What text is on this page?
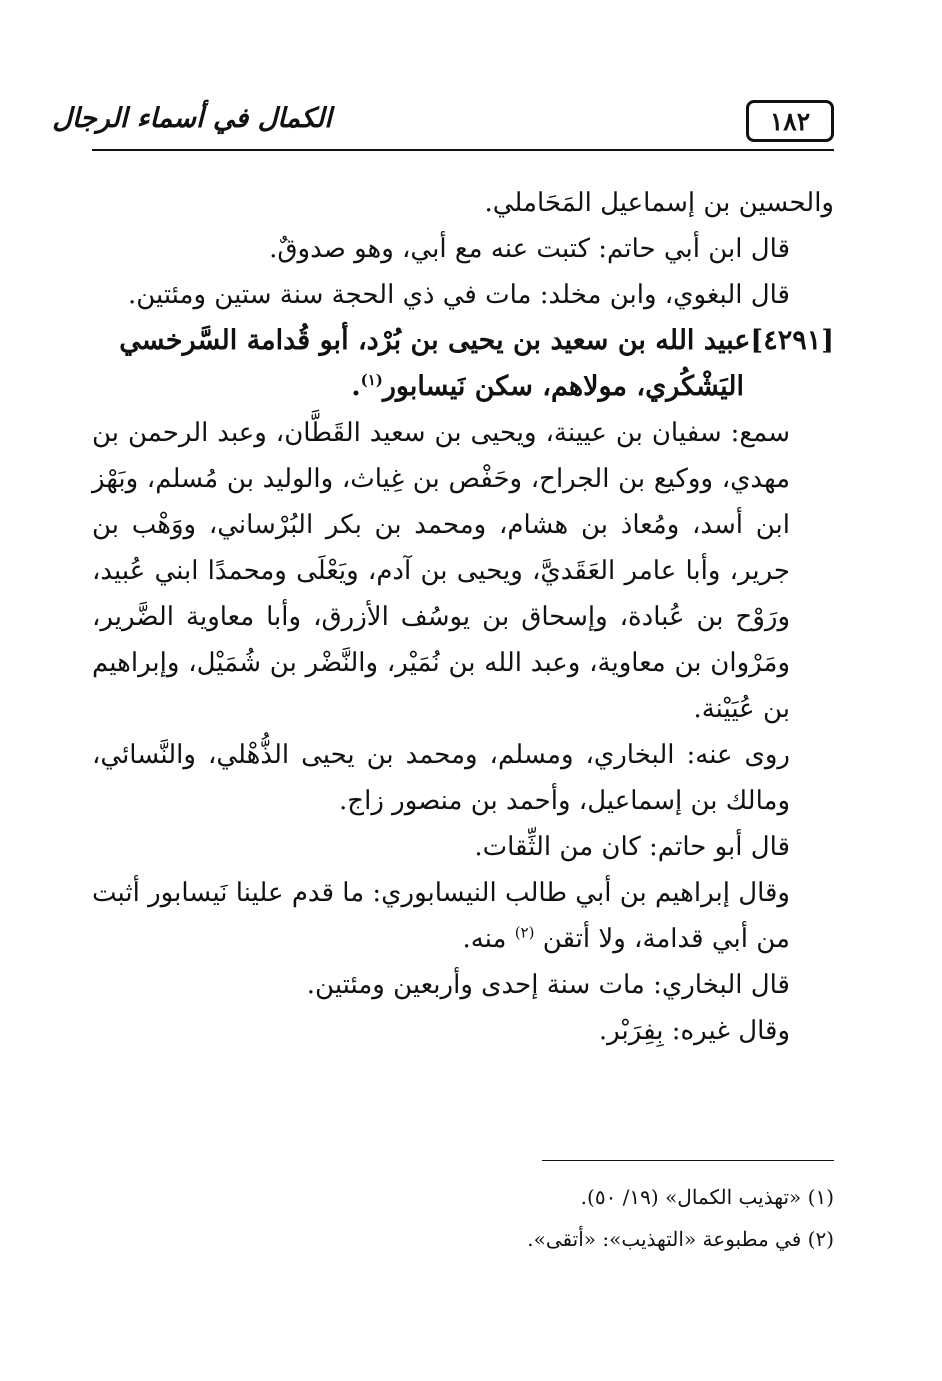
١٨٢
الكمال في أسماء الرجال

والحسين بن إسماعيل المَحَاملي.

قال ابن أبي حاتم: كتبت عنه مع أبي، وهو صدوقٌ.

قال البغوي، وابن مخلد: مات في ذي الحجة سنة ستين ومئتين.

[٤٢٩١]عبيد الله بن سعيد بن يحيى بن بُرْد، أبو قُدامة السَّرخسي

اليَشْكُري، مولاهم، سكن نَيسابور$^{(١)}$.

سمع: سفيان بن عيينة، ويحيى بن سعيد القَطَّان، وعبد الرحمن بن مهدي، ووكيع بن الجراح، وحَفْص بن غِياث، والوليد بن مُسلم، وبَهْز ابن أسد، ومُعاذ بن هشام، ومحمد بن بكر البُرْساني، ووَهْب بن جرير، وأبا عامر العَقَديَّ، ويحيى بن آدم، ويَعْلَى ومحمدًا ابني عُبيد، ورَوْح بن عُبادة، وإسحاق بن يوسُف الأزرق، وأبا معاوية الضَّرير، ومَرْوان بن معاوية، وعبد الله بن نُمَيْر، والنَّضْر بن شُمَيْل، وإبراهيم بن عُيَيْنة.

روى عنه: البخاري، ومسلم، ومحمد بن يحيى الذُّهْلي، والنَّسائي، ومالك بن إسماعيل، وأحمد بن منصور زاج.

قال أبو حاتم: كان من الثِّقات.

وقال إبراهيم بن أبي طالب النيسابوري: ما قدم علينا نَيسابور أثبت من أبي قدامة، ولا أتقن $^{(٢)}$ منه.

قال البخاري: مات سنة إحدى وأربعين ومئتين.

وقال غيره: بِفِرَبْر.

(١) «تهذيب الكمال» (١٩/ ٥٠).

(٢) في مطبوعة «التهذيب»: «أتقى».
